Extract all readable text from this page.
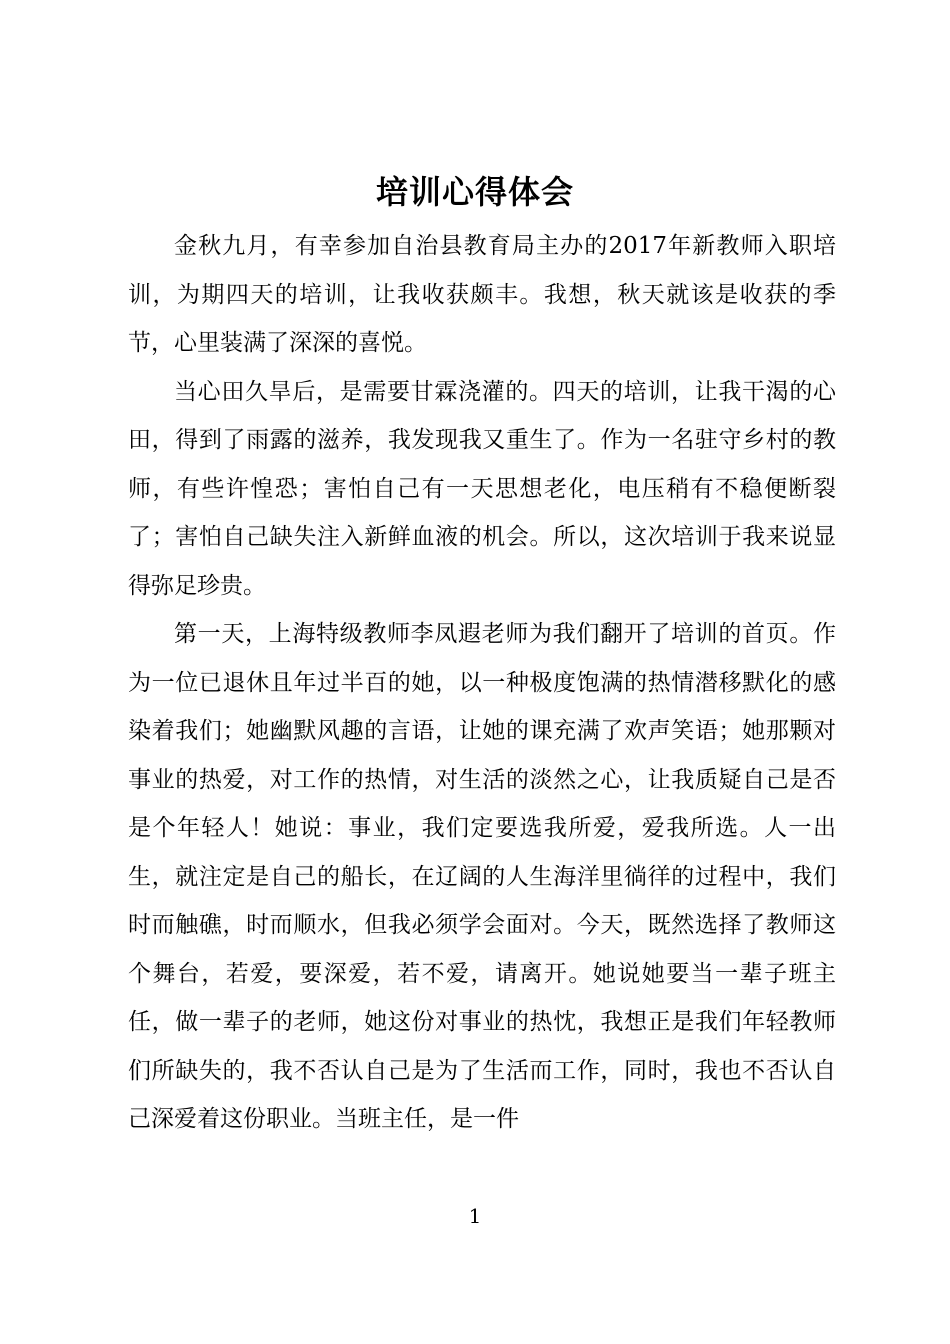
培训心得体会

金秋九月，有幸参加自治县教育局主办的2017年新教师入职培训，为期四天的培训，让我收获颇丰。我想，秋天就该是收获的季节，心里装满了深深的喜悦。

当心田久旱后，是需要甘霖浇灌的。四天的培训，让我干渴的心田，得到了雨露的滋养，我发现我又重生了。作为一名驻守乡村的教师，有些许惶恐；害怕自己有一天思想老化，电压稍有不稳便断裂了；害怕自己缺失注入新鲜血液的机会。所以，这次培训于我来说显得弥足珍贵。

第一天，上海特级教师李凤遐老师为我们翻开了培训的首页。作为一位已退休且年过半百的她，以一种极度饱满的热情潜移默化的感染着我们；她幽默风趣的言语，让她的课充满了欢声笑语；她那颗对事业的热爱，对工作的热情，对生活的淡然之心，让我质疑自己是否是个年轻人！她说：事业，我们定要选我所爱，爱我所选。人一出生，就注定是自己的船长，在辽阔的人生海洋里徜徉的过程中，我们时而触礁，时而顺水，但我必须学会面对。今天，既然选择了教师这个舞台，若爱，要深爱，若不爱，请离开。她说她要当一辈子班主任，做一辈子的老师，她这份对事业的热忱，我想正是我们年轻教师们所缺失的，我不否认自己是为了生活而工作，同时，我也不否认自己深爱着这份职业。当班主任，是一件

1
